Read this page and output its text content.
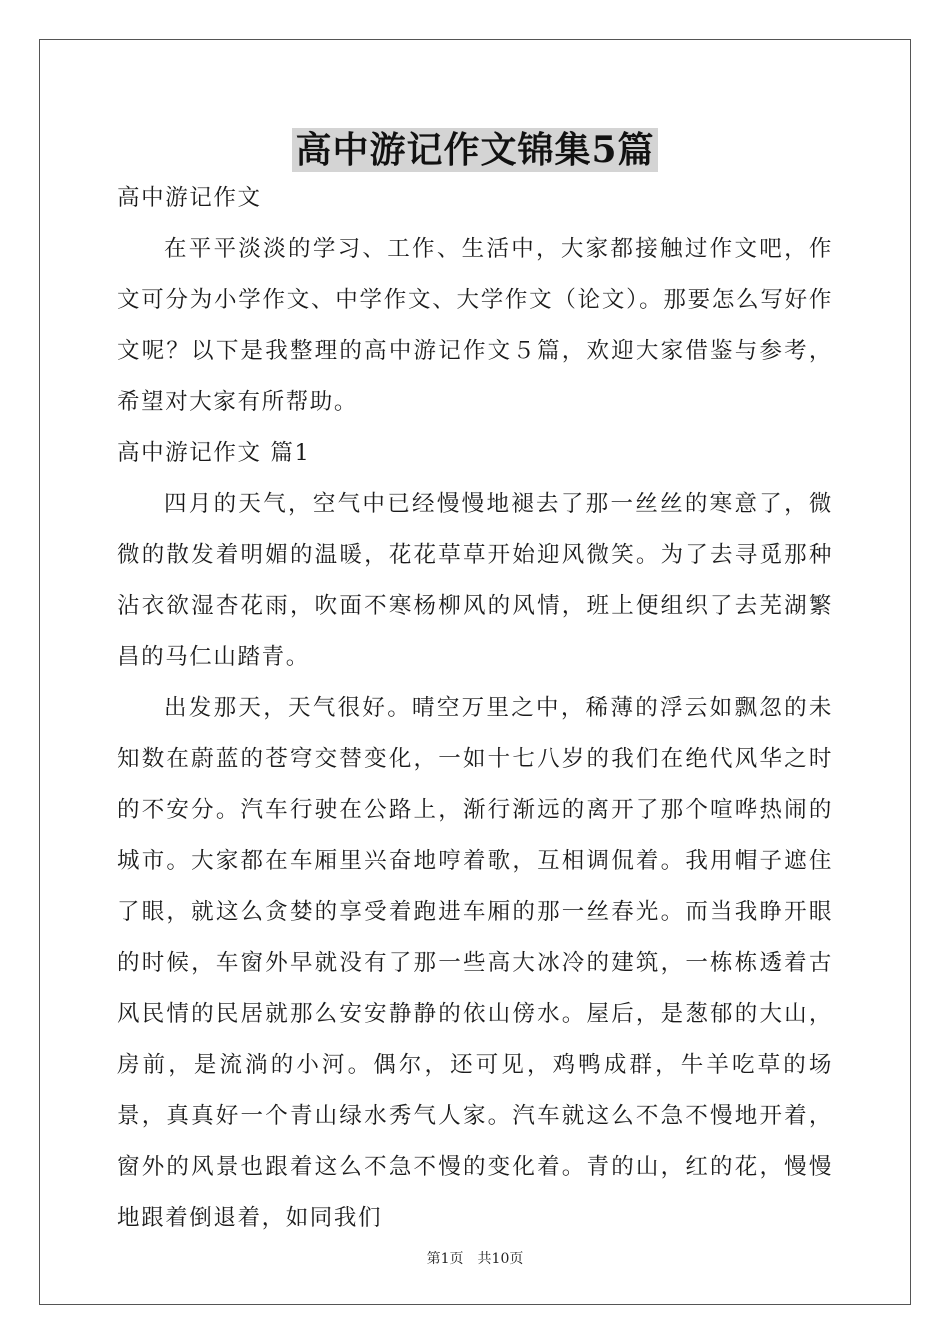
高中游记作文锦集5篇

高中游记作文

在平平淡淡的学习、工作、生活中，大家都接触过作文吧，作文可分为小学作文、中学作文、大学作文（论文）。那要怎么写好作文呢？以下是我整理的高中游记作文５篇，欢迎大家借鉴与参考，希望对大家有所帮助。

高中游记作文 篇1

四月的天气，空气中已经慢慢地褪去了那一丝丝的寒意了，微微的散发着明媚的温暖，花花草草开始迎风微笑。为了去寻觅那种沾衣欲湿杏花雨，吹面不寒杨柳风的风情，班上便组织了去芜湖繁昌的马仁山踏青。

出发那天，天气很好。晴空万里之中，稀薄的浮云如飘忽的未知数在蔚蓝的苍穹交替变化，一如十七八岁的我们在绝代风华之时的不安分。汽车行驶在公路上，渐行渐远的离开了那个喧哗热闹的城市。大家都在车厢里兴奋地哼着歌，互相调侃着。我用帽子遮住了眼，就这么贪婪的享受着跑进车厢的那一丝春光。而当我睁开眼的时候，车窗外早就没有了那一些高大冰冷的建筑，一栋栋透着古风民情的民居就那么安安静静的依山傍水。屋后，是葱郁的大山，房前，是流淌的小河。偶尔，还可见，鸡鸭成群，牛羊吃草的场景，真真好一个青山绿水秀气人家。汽车就这么不急不慢地开着，窗外的风景也跟着这么不急不慢的变化着。青的山，红的花，慢慢地跟着倒退着，如同我们

第1页　共10页
